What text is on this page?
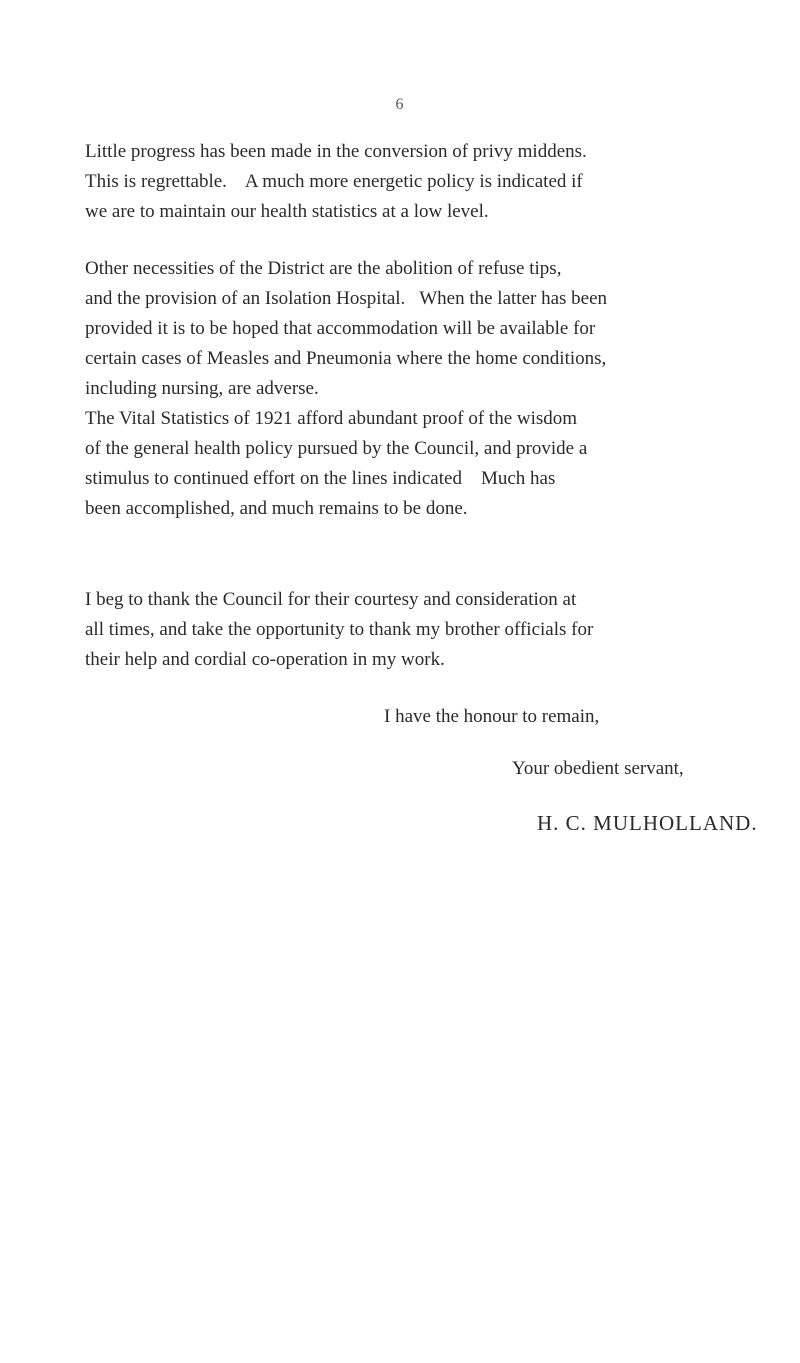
6

Little progress has been made in the conversion of privy middens.
This is regrettable.    A much more energetic policy is indicated if
we are to maintain our health statistics at a low level.

Other necessities of the District are the abolition of refuse tips,
and the provision of an Isolation Hospital.   When the latter has been
provided it is to be hoped that accommodation will be available for
certain cases of Measles and Pneumonia where the home conditions,
including nursing, are adverse.

The Vital Statistics of 1921 afford abundant proof of the wisdom
of the general health policy pursued by the Council, and provide a
stimulus to continued effort on the lines indicated    Much has
been accomplished, and much remains to be done.

I beg to thank the Council for their courtesy and consideration at
all times, and take the opportunity to thank my brother officials for
their help and cordial co-operation in my work.

I have the honour to remain,
Your obedient servant,
H. C. MULHOLLAND.
